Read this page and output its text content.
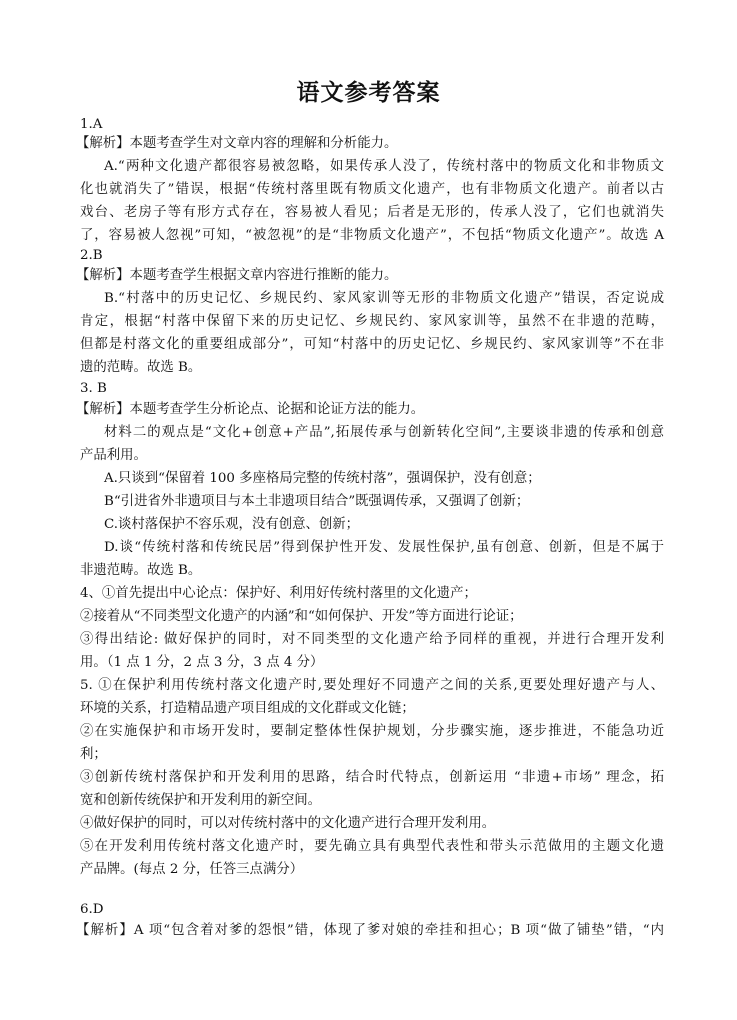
语文参考答案
1.A
【解析】本题考查学生对文章内容的理解和分析能力。
A.“两种文化遗产都很容易被忽略，如果传承人没了，传统村落中的物质文化和非物质文
化也就消失了”错误，根据“传统村落里既有物质文化遗产，也有非物质文化遗产。前者以古
戏台、老房子等有形方式存在，容易被人看见；后者是无形的，传承人没了，它们也就消失
了，容易被人忽视”可知，“被忽视”的是“非物质文化遗产”，不包括“物质文化遗产”。故选 A
2.B
【解析】本题考查学生根据文章内容进行推断的能力。
B.“村落中的历史记忆、乡规民约、家风家训等无形的非物质文化遗产”错误，否定说成
肯定，根据“村落中保留下来的历史记忆、乡规民约、家风家训等，虽然不在非遗的范畴，
但都是村落文化的重要组成部分”，可知“村落中的历史记忆、乡规民约、家风家训等”不在非
遗的范畴。故选 B。
3. B
【解析】本题考查学生分析论点、论据和论证方法的能力。
材料二的观点是“文化+创意+产品”,拓展传承与创新转化空间”,主要谈非遗的传承和创意
产品利用。
A.只谈到“保留着 100 多座格局完整的传统村落”，强调保护，没有创意；
B“引进省外非遗项目与本土非遗项目结合”既强调传承，又强调了创新；
C.谈村落保护不容乐观，没有创意、创新；
D.谈“传统村落和传统民居”得到保护性开发、发展性保护,虽有创意、创新，但是不属于
非遗范畴。故选 B。
4、①首先提出中心论点：保护好、利用好传统村落里的文化遗产；
②接着从“不同类型文化遗产的内涵”和“如何保护、开发”等方面进行论证；
③得出结论: 做好保护的同时，对不同类型的文化遗产给予同样的重视，并进行合理开发利
用。（1 点 1 分，2 点 3 分，3 点 4 分）
5. ①在保护利用传统村落文化遗产时,要处理好不同遗产之间的关系,更要处理好遗产与人、
环境的关系，打造精品遗产项目组成的文化群或文化链；
②在实施保护和市场开发时，要制定整体性保护规划，分步骤实施，逐步推进，不能急功近
利；
③创新传统村落保护和开发利用的思路，结合时代特点，创新运用 “非遗+市场” 理念，拓
宽和创新传统保护和开发利用的新空间。
④做好保护的同时，可以对传统村落中的文化遗产进行合理开发利用。
⑤在开发利用传统村落文化遗产时，要先确立具有典型代表性和带头示范做用的主题文化遗
产品牌。(每点 2 分，任答三点满分）
6.D
【解析】A 项“包含着对爹的怨恨”错，体现了爹对娘的牵挂和担心；B 项“做了铺垫”错，“内
